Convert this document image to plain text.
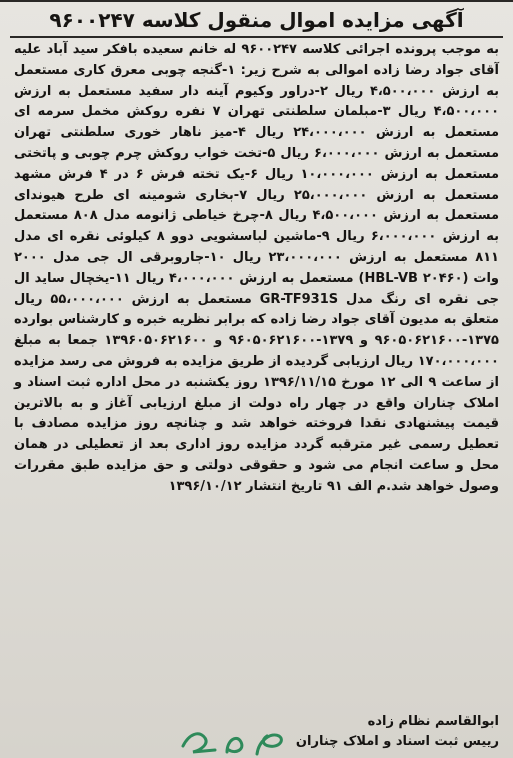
آگهی مزایده اموال منقول کلاسه ۹۶۰۰۲۴۷

به موجب پرونده اجرائی کلاسه ۹۶۰۰۲۴۷ له خانم سعیده بافکر سید آباد علیه آقای جواد رضا زاده اموالی به شرح زیر: ۱-گنجه چوبی معرق کاری مستعمل به ارزش ۴،۵۰۰،۰۰۰ ریال ۲-دراور وکیوم آینه دار سفید مستعمل به ارزش ۴،۵۰۰،۰۰۰ ریال ۳-مبلمان سلطنتی تهران ۷ نفره روکش مخمل سرمه ای مستعمل به ارزش ۲۴،۰۰۰،۰۰۰ ریال ۴-میز ناهار خوری سلطنتی تهران مستعمل به ارزش ۶،۰۰۰،۰۰۰ ریال ۵-تخت خواب روکش چرم چوبی و پاتختی مستعمل به ارزش ۱۰،۰۰۰،۰۰۰ ریال ۶-یک تخته فرش ۶ در ۴ فرش مشهد مستعمل به ارزش ۲۵،۰۰۰،۰۰۰ ریال ۷-بخاری شومینه ای طرح هیوندای مستعمل به ارزش ۴،۵۰۰،۰۰۰ ریال ۸-چرخ خیاطی ژانومه مدل ۸۰۸ مستعمل به ارزش ۶،۰۰۰،۰۰۰ ریال ۹-ماشین لباسشویی دوو ۸ کیلوئی نقره ای مدل ۸۱۱ مستعمل به ارزش ۲۳،۰۰۰،۰۰۰ ریال ۱۰-جاروبرقی ال جی مدل ۲۰۰۰ وات (HBL-VB ۲۰۴۶۰) مستعمل به ارزش ۴،۰۰۰،۰۰۰ ریال ۱۱-یخچال ساید ال جی نقره ای رنگ مدل GR-TF931S مستعمل به ارزش ۵۵،۰۰۰،۰۰۰ ریال متعلق به مدیون آقای جواد رضا زاده که برابر نظریه خبره و کارشناس بوارده ۱۳۷۵-۹۶۰۵۰۶۲۱۶۰۰ و ۱۳۷۹-۹۶۰۵۰۶۲۱۶۰۰ و ۱۳۹۶۰۵۰۶۲۱۶۰۰ جمعا به مبلغ ۱۷۰،۰۰۰،۰۰۰ ریال ارزیابی گردیده از طریق مزایده به فروش می رسد مزایده از ساعت ۹ الی ۱۲ مورخ ۱۳۹۶/۱۱/۱۵ روز یکشنبه در محل اداره ثبت اسناد و املاک چناران واقع در چهار راه دولت از مبلغ ارزیابی آغاز و به بالاترین قیمت پیشنهادی نقدا فروخته خواهد شد و چنانچه روز مزایده مصادف با تعطیل رسمی غیر مترقبه گردد مزایده روز اداری بعد از تعطیلی در همان محل و ساعت انجام می شود و حقوقی دولتی و حق مزایده طبق مقررات وصول خواهد شد.م الف ۹۱ تاریخ انتشار ۱۳۹۶/۱۰/۱۲

ابوالقاسم نظام زاده
رییس ثبت اسناد و املاک چناران
